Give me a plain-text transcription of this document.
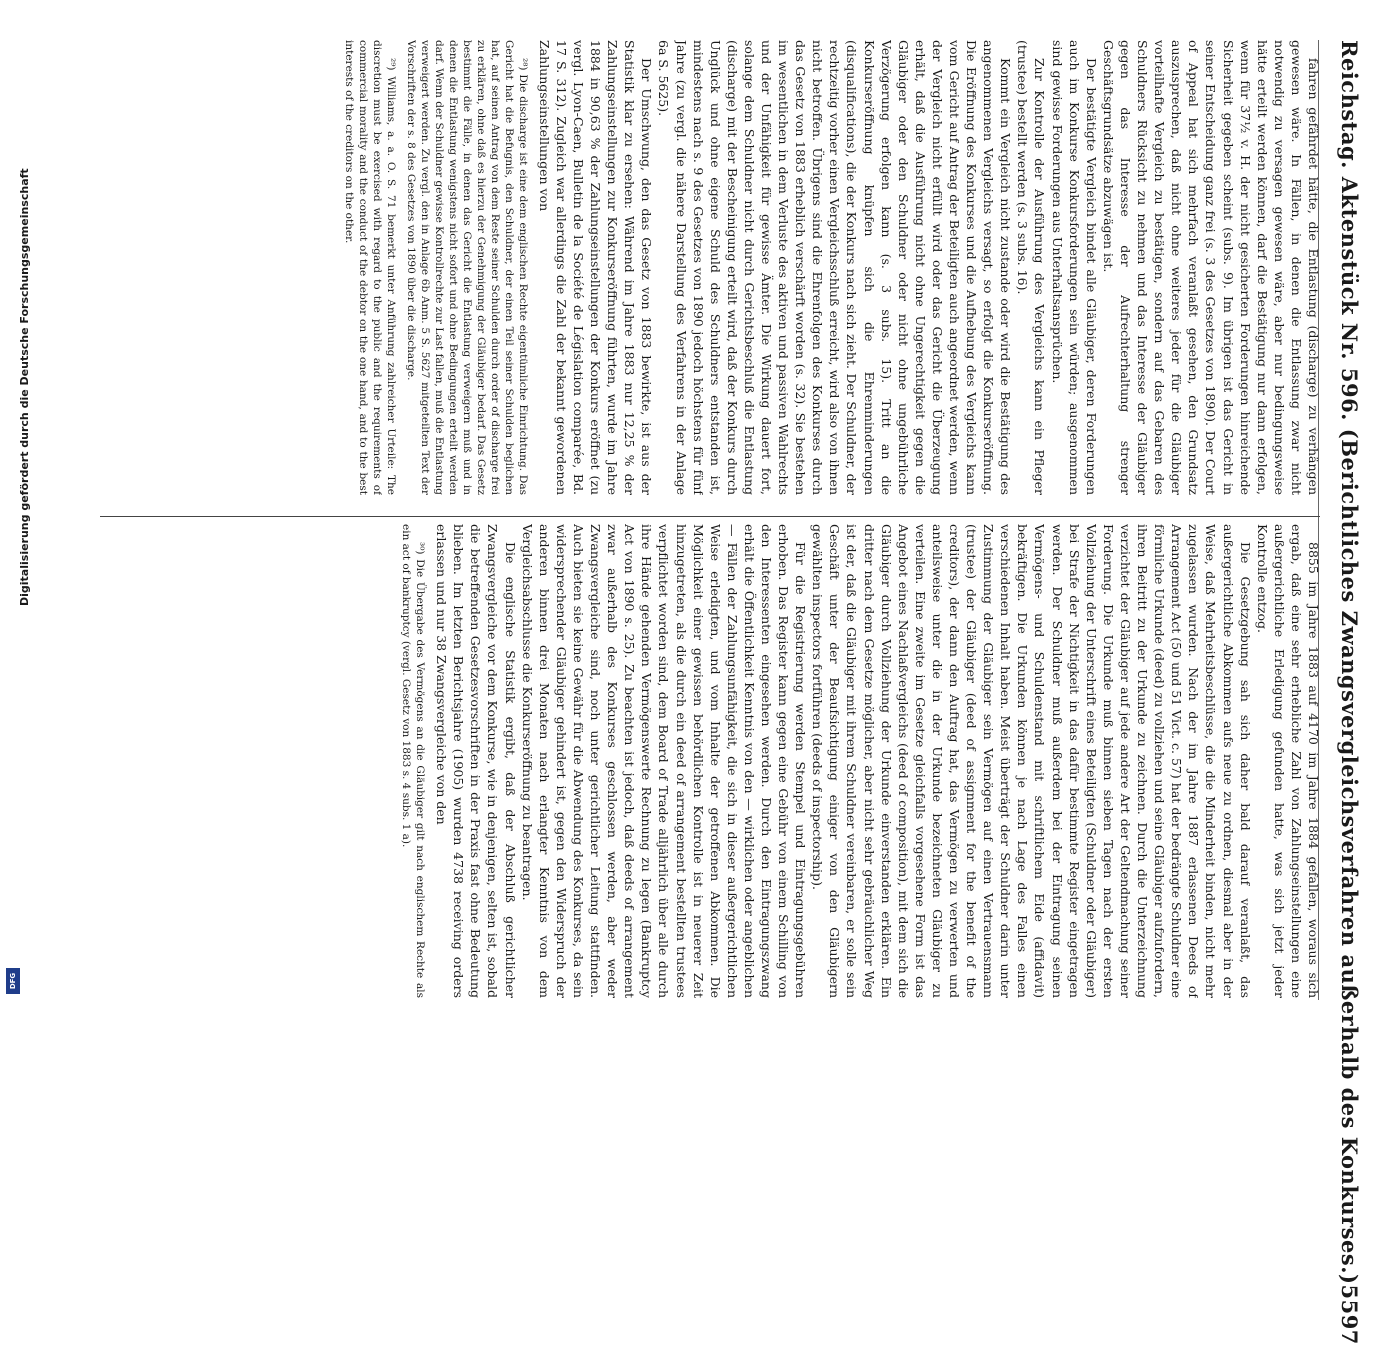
Reichstag. Aktenstück Nr. 596. (Berichtliches Zwangsvergleichsverfahren außerhalb des Konkurses.)
5597

fahren gefährdet hätte, die Entlastung (discharge) zu verhängen gewesen wäre. In Fällen, in denen die Entlassung zwar nicht notwendig zu versagen gewesen wäre, aber nur bedingungsweise hätte erteilt werden können, darf die Bestätigung nur dann erfolgen, wenn für 37½ v. H. der nicht gesicherten Forderungen hinreichende Sicherheit gegeben scheint (subs. 9). Im übrigen ist das Gericht in seiner Entscheidung ganz frei (s. 3 des Gesetzes von 1890). Der Court of Appeal hat sich mehrfach veranlaßt gesehen, den Grundsatz auszusprechen, daß nicht ohne weiteres jeder für die Gläubiger vorteilhafte Vergleich zu bestätigen, sondern auf das Gebaren des Schuldners Rücksicht zu nehmen und das Interesse der Gläubiger gegen das Interesse der Aufrechterhaltung strenger Geschäftsgrundsätze abzuwägen ist.

Der bestätigte Vergleich bindet alle Gläubiger, deren Forderungen auch im Konkurse Konkursforderungen sein würden; ausgenommen sind gewisse Forderungen aus Unterhaltsansprüchen.

Zur Kontrolle der Ausführung des Vergleichs kann ein Pfleger (trustee) bestellt werden (s. 3 subs. 16).

Kommt ein Vergleich nicht zustande oder wird die Bestätigung des angenommenen Vergleichs versagt, so erfolgt die Konkurseröffnung. Die Eröffnung des Konkurses und die Aufhebung des Vergleichs kann vom Gericht auf Antrag der Beteiligten auch angeordnet werden, wenn der Vergleich nicht erfüllt wird oder das Gericht die Überzeugung erhält, daß die Ausführung nicht ohne Ungerechtigkeit gegen die Gläubiger oder den Schuldner oder nicht ohne ungebührliche Verzögerung erfolgen kann (s. 3 subs. 15). Tritt an die Konkurseröffnung knüpfen sich die Ehrenminderungen (disqualifications), die der Konkurs nach sich zieht. Der Schuldner, der rechtzeitig vorher einen Vergleichsschluß erreicht, wird also von ihnen nicht betroffen. Übrigens sind die Ehrenfolgen des Konkurses durch das Gesetz von 1883 erheblich verschärft worden (s. 32). Sie bestehen im wesentlichen in dem Verluste des aktiven und passiven Wahlrechts und der Unfähigkeit für gewisse Ämter. Die Wirkung dauert fort, solange dem Schuldner nicht durch Gerichtsbeschluß die Entlastung (discharge) mit der Bescheinigung erteilt wird, daß der Konkurs durch Unglück und ohne eigene Schuld des Schuldners entstanden ist, mindestens nach s. 9 des Gesetzes von 1890 jedoch höchstens für fünf Jahre (zu vergl. die nähere Darstellung des Verfahrens in der Anlage 6a S. 5625).

Der Umschwung, den das Gesetz von 1883 bewirkte, ist aus der Statistik klar zu ersehen: Während im Jahre 1883 nur 12,25 % der Zahlungseinstellungen zur Konkurseröffnung führten, wurde im Jahre 1884 in 90,63 % der Zahlungseinstellungen der Konkurs eröffnet (zu vergl. Lyon-Caen, Bulletin de la Société de Législation comparée, Bd. 17 S. 312). Zugleich war allerdings die Zahl der bekannt gewordenen Zahlungseinstellungen von

²⁸) Die discharge ist eine dem englischen Rechte eigentümliche Einrichtung. Das Gericht hat die Befugnis, den Schuldner, der einen Teil seiner Schulden beglichen hat, auf seinen Antrag von dem Reste seiner Schulden durch order of discharge frei zu erklären, ohne daß es hierzu der Genehmigung der Gläubiger bedarf. Das Gesetz bestimmt die Fälle, in denen das Gericht die Entlastung verweigern muß und in denen die Entlastung wenigstens nicht sofort und ohne Bedingungen erteilt werden darf. Wenn der Schuldner gewisse Kontrollrechte zur Last fallen, muß die Entlastung verweigert werden. Zu vergl. den in Anlage 6b Anm. 5 S. 5627 mitgeteilten Text der Vorschriften der s. 8 des Gesetzes von 1890 über die discharge.

²⁹) Williams, a. a. O. S. 71 bemerkt unter Anführung zahlreicher Urteile: The discretion must be exercised with regard to the public and the requirements of commercial morality and the conduct of the debtor on the one hand, and to the best interests of the creditors on the other.

8855 im Jahre 1883 auf 4170 im Jahre 1884 gefallen, woraus sich ergab, daß eine sehr erhebliche Zahl von Zahlungseinstellungen eine außergerichtliche Erledigung gefunden hatte, was sich jetzt jeder Kontrolle entzog.

Die Gesetzgebung sah sich daher bald darauf veranlaßt, das außergerichtliche Abkommen aufs neue zu ordnen, diesmal aber in der Weise, daß Mehrheitsbeschlüsse, die die Minderheit binden, nicht mehr zugelassen wurden. Nach der im Jahre 1887 erlassenen Deeds of Arrangement Act (50 und 51 Vict. c. 57) hat der bedrängte Schuldner eine förmliche Urkunde (deed) zu vollziehen und seine Gläubiger aufzufordern, ihren Beitritt zu der Urkunde zu zeichnen. Durch die Unterzeichnung verzichtet der Gläubiger auf jede andere Art der Geltendmachung seiner Forderung. Die Urkunde muß binnen sieben Tagen nach der ersten Vollziehung der Unterschrift eines Beteiligten (Schuldner oder Gläubiger) bei Strafe der Nichtigkeit in das dafür bestimmte Register eingetragen werden. Der Schuldner muß außerdem bei der Eintragung seinen Vermögens- und Schuldenstand mit schriftlichem Eide (affidavit) bekräftigen. Die Urkunden können je nach Lage des Falles einen verschiedenen Inhalt haben. Meist überträgt der Schuldner darin unter Zustimmung der Gläubiger sein Vermögen auf einen Vertrauensmann (trustee) der Gläubiger (deed of assignment for the benefit of the creditors), der dann den Auftrag hat, das Vermögen zu verwerten und anteilsweise unter die in der Urkunde bezeichneten Gläubiger zu verteilen. Eine zweite im Gesetze gleichfalls vorgesehene Form ist das Angebot eines Nachlaßvergleichs (deed of composition), mit dem sich die Gläubiger durch Vollziehung der Urkunde einverstanden erklären. Ein dritter nach dem Gesetze möglicher, aber nicht sehr gebräuchlicher Weg ist der, daß die Gläubiger mit ihrem Schuldner vereinbaren, er solle sein Geschäft unter der Beaufsichtigung einiger von den Gläubigern gewählten inspectors fortführen (deeds of inspectorship).

Für die Registrierung werden Stempel und Eintragungsgebühren erhoben. Das Register kann gegen eine Gebühr von einem Schilling von den Interessenten eingesehen werden. Durch den Eintragungszwang erhält die Öffentlichkeit Kenntnis von den — wirklichen oder angeblichen — Fällen der Zahlungsunfähigkeit, die sich in dieser außergerichtlichen Weise erledigten, und vom Inhalte der getroffenen Abkommen. Die Möglichkeit einer gewissen behördlichen Kontrolle ist in neuerer Zeit hinzugetreten, als die durch ein deed of arrangement bestellten trustees verpflichtet worden sind, dem Board of Trade alljährlich über alle durch ihre Hände gehenden Vermögenswerte Rechnung zu legen (Bankruptcy Act von 1890 s. 25). Zu beachten ist jedoch, daß deeds of arrangement zwar außerhalb des Konkurses geschlossen werden, aber weder Zwangsvergleiche sind, noch unter gerichtlicher Leitung stattfinden. Auch bieten sie keine Gewähr für die Abwendung des Konkurses, da sein widersprechender Gläubiger gehindert ist, gegen den Widerspruch der anderen binnen drei Monaten nach erlangter Kenntnis von dem Vergleichsabschlusse die Konkurseröffnung zu beantragen.

Die englische Statistik ergibt, daß der Abschluß gerichtlicher Zwangsvergleiche vor dem Konkurse, wie in denjenigen, selten ist, sobald die betreffenden Gesetzesvorschriften in der Praxis fast ohne Bedeutung blieben. Im letzten Berichtsjahre (1905) wurden 4738 receiving orders erlassen und nur 38 Zwangsvergleiche von den

³⁰) Die Übergabe des Vermögens an die Gläubiger gilt nach englischem Rechte als ein act of bankruptcy (vergl. Gesetz von 1883 s. 4 subs. 1 a).

Digitalisierung gefördert durch die Deutsche Forschungsgemeinschaft
DFG
